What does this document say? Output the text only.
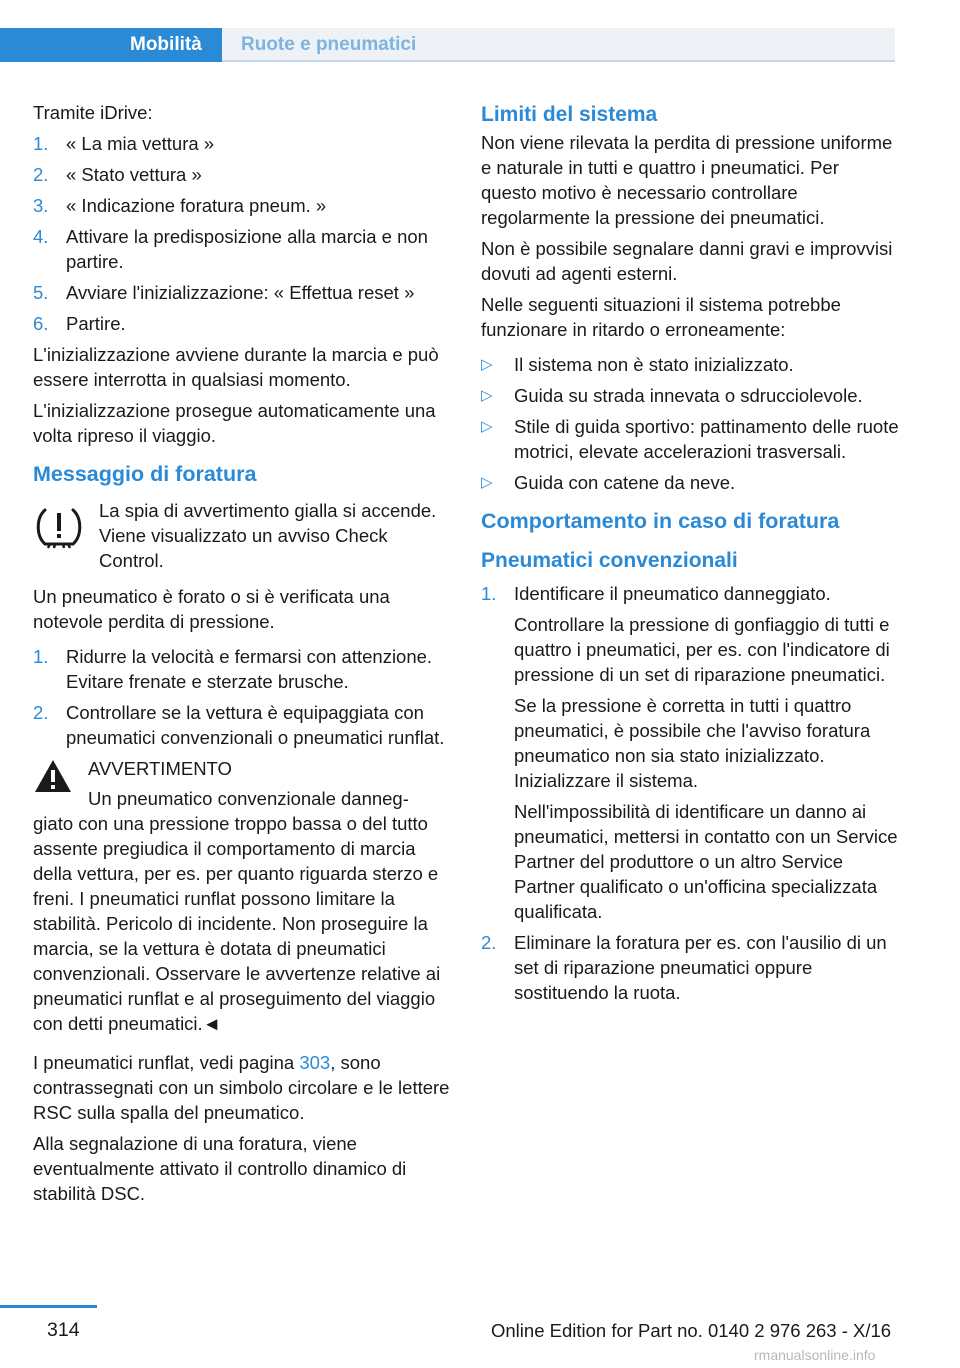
Mobilità Ruote e pneumatici

Tramite iDrive:

1. « La mia vettura »
2. « Stato vettura »
3. « Indicazione foratura pneum. »
4. Attivare la predisposizione alla marcia e non partire.
5. Avviare l'inizializzazione: « Effettua reset »
6. Partire.

L'inizializzazione avviene durante la marcia e può essere interrotta in qualsiasi momento.

L'inizializzazione prosegue automaticamente una volta ripreso il viaggio.

Messaggio di foratura
La spia di avvertimento gialla si accende. Viene visualizzato un avviso Check Control.

Un pneumatico è forato o si è verificata una notevole perdita di pressione.

1. Ridurre la velocità e fermarsi con attenzione. Evitare frenate e sterzate brusche.
2. Controllare se la vettura è equipaggiata con pneumatici convenzionali o pneumatici runflat.
AVVERTIMENTO
Un pneumatico convenzionale danneg‐
giato con una pressione troppo bassa o del tutto assente pregiudica il comportamento di marcia della vettura, per es. per quanto riguarda sterzo e freni. I pneumatici runflat possono limitare la stabilità. Pericolo di incidente. Non proseguire la marcia, se la vettura è dotata di pneumatici convenzionali. Osservare le avvertenze relative ai pneumatici runflat e al proseguimento del viaggio con detti pneumatici.◄

I pneumatici runflat, vedi pagina 303, sono contrassegnati con un simbolo circolare e le lettere RSC sulla spalla del pneumatico.

Alla segnalazione di una foratura, viene eventualmente attivato il controllo dinamico di stabilità DSC.

Limiti del sistema

Non viene rilevata la perdita di pressione uniforme e naturale in tutti e quattro i pneumatici. Per questo motivo è necessario controllare regolarmente la pressione dei pneumatici.

Non è possibile segnalare danni gravi e improvvisi dovuti ad agenti esterni.

Nelle seguenti situazioni il sistema potrebbe funzionare in ritardo o erroneamente:

▷ Il sistema non è stato inizializzato.
▷ Guida su strada innevata o sdrucciolevole.
▷ Stile di guida sportivo: pattinamento delle ruote motrici, elevate accelerazioni trasversali.
▷ Guida con catene da neve.
Comportamento in caso di foratura
Pneumatici convenzionali
1. Identificare il pneumatico danneggiato.
Controllare la pressione di gonfiaggio di tutti e quattro i pneumatici, per es. con l'indicatore di pressione di un set di riparazione pneumatici.
Se la pressione è corretta in tutti i quattro pneumatici, è possibile che l'avviso foratura pneumatico non sia stato inizializzato. Inizializzare il sistema.
Nell'impossibilità di identificare un danno ai pneumatici, mettersi in contatto con un Service Partner del produttore o un altro Service Partner qualificato o un'officina specializzata qualificata.
2. Eliminare la foratura per es. con l'ausilio di un set di riparazione pneumatici oppure sostituendo la ruota.
314	Online Edition for Part no. 0140 2 976 263 - X/16
rmanualsonline.info
